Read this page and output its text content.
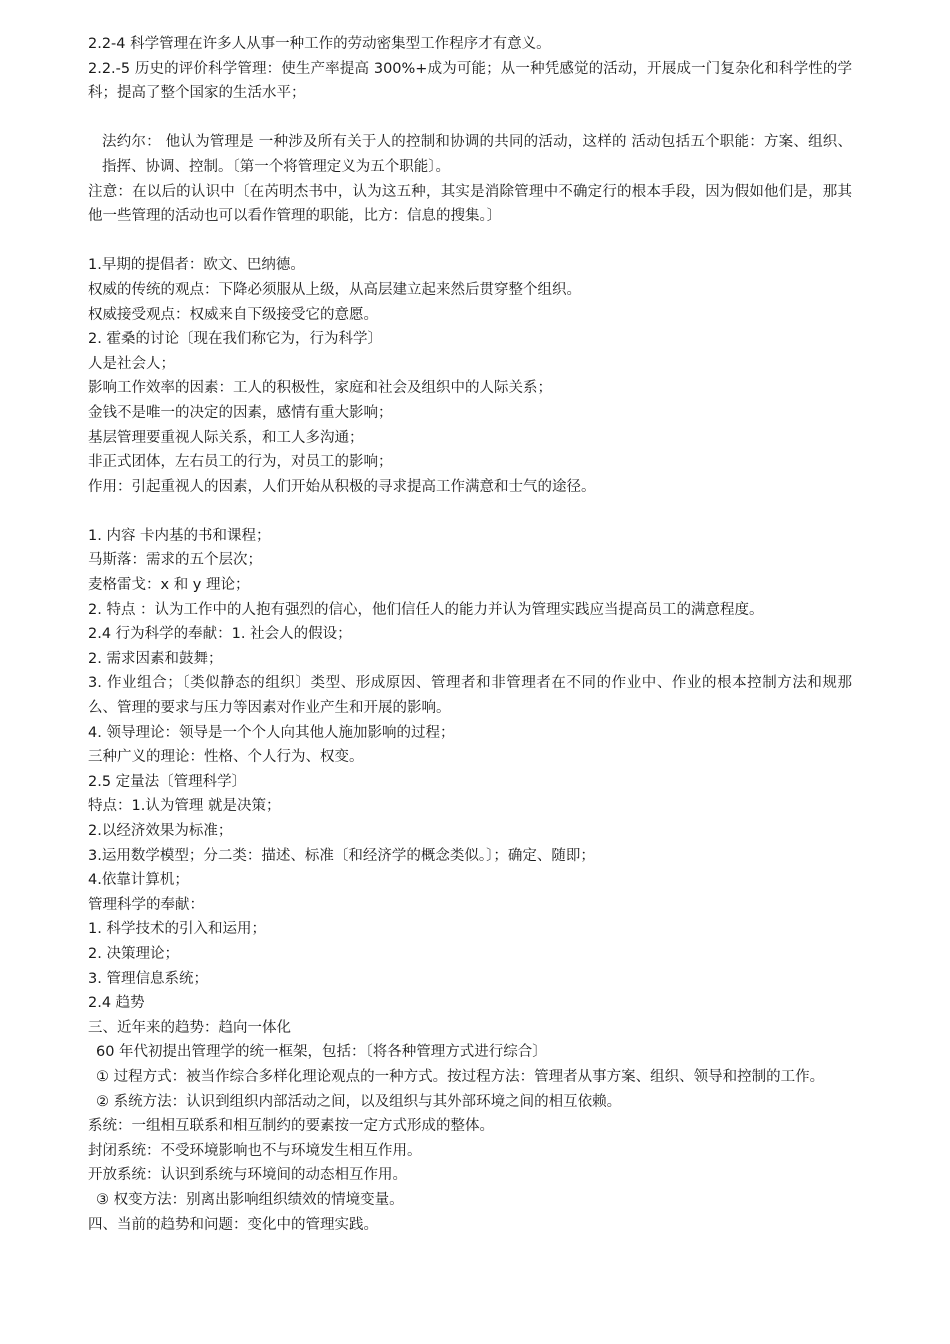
2.2-4 科学管理在许多人从事一种工作的劳动密集型工作程序才有意义。

2.2.-5 历史的评价科学管理：使生产率提高 300%+成为可能；从一种凭感觉的活动，开展成一门复杂化和科学性的学科；提高了整个国家的生活水平；

法约尔： 他认为管理是 一种涉及所有关于人的控制和协调的共同的活动，这样的 活动包括五个职能：方案、组织、指挥、协调、控制。〔第一个将管理定义为五个职能〕。

注意：在以后的认识中〔在芮明杰书中，认为这五种，其实是消除管理中不确定行的根本手段，因为假如他们是，那其他一些管理的活动也可以看作管理的职能，比方：信息的搜集。〕

1.早期的提倡者：欧文、巴纳德。

权威的传统的观点：下降必须服从上级，从高层建立起来然后贯穿整个组织。

权威接受观点：权威来自下级接受它的意愿。

2. 霍桑的讨论〔现在我们称它为，行为科学〕

人是社会人；

影响工作效率的因素：工人的积极性，家庭和社会及组织中的人际关系；

金钱不是唯一的决定的因素，感情有重大影响；

基层管理要重视人际关系，和工人多沟通；

非正式团体，左右员工的行为，对员工的影响；

作用：引起重视人的因素，人们开始从积极的寻求提高工作满意和士气的途径。

1. 内容 卡内基的书和课程；

马斯落：需求的五个层次；

麦格雷戈：x 和 y 理论；

2. 特点 ：认为工作中的人抱有强烈的信心，他们信任人的能力并认为管理实践应当提高员工的满意程度。

2.4 行为科学的奉献：1. 社会人的假设；

2. 需求因素和鼓舞；

3. 作业组合；〔类似静态的组织〕类型、形成原因、管理者和非管理者在不同的作业中、作业的根本控制方法和规那么、管理的要求与压力等因素对作业产生和开展的影响。

4. 领导理论：领导是一个个人向其他人施加影响的过程；

三种广义的理论：性格、个人行为、权变。

2.5 定量法〔管理科学〕

特点：1.认为管理 就是决策；

2.以经济效果为标准；

3.运用数学模型；分二类：描述、标准〔和经济学的概念类似。〕；确定、随即；

4.依靠计算机；

管理科学的奉献：

1. 科学技术的引入和运用；

2. 决策理论；

3. 管理信息系统；

2.4 趋势

三、近年来的趋势：趋向一体化

60 年代初提出管理学的统一框架，包括：〔将各种管理方式进行综合〕

① 过程方式：被当作综合多样化理论观点的一种方式。按过程方法：管理者从事方案、组织、领导和控制的工作。

② 系统方法：认识到组织内部活动之间，以及组织与其外部环境之间的相互依赖。

系统：一组相互联系和相互制约的要素按一定方式形成的整体。

封闭系统：不受环境影响也不与环境发生相互作用。

开放系统：认识到系统与环境间的动态相互作用。

③ 权变方法：别离出影响组织绩效的情境变量。

四、当前的趋势和问题：变化中的管理实践。
